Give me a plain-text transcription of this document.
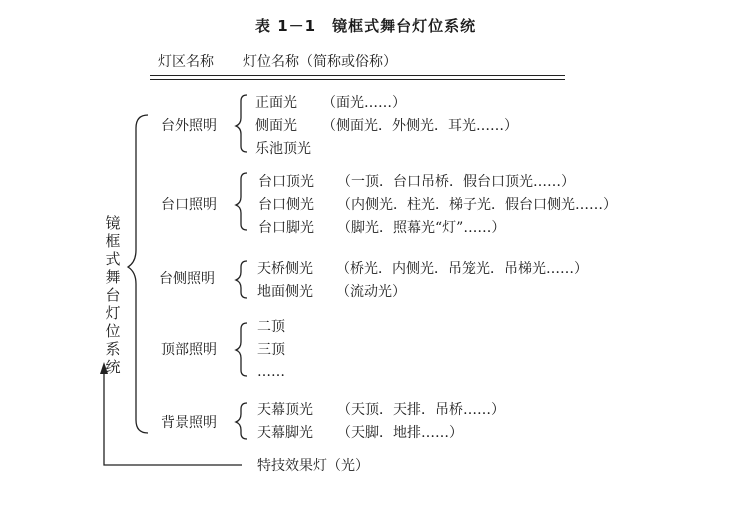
表 1－1　镜框式舞台灯位系统
灯区名称 灯位名称（简称或俗称）
镜框式舞台灯位系统
台外照明
正面光 （面光……）
侧面光 （侧面光．外侧光．耳光……）
乐池顶光
台口照明
台口顶光 （一顶．台口吊桥．假台口顶光……）
台口侧光 （内侧光．柱光．梯子光．假台口侧光……）
台口脚光 （脚光．照幕光“灯”……）
台侧照明
天桥侧光 （桥光．内侧光．吊笼光．吊梯光……）
地面侧光 （流动光）
顶部照明
二顶
三顶
……
背景照明
天幕顶光 （天顶．天排．吊桥……）
天幕脚光 （天脚．地排……）
特技效果灯（光）
